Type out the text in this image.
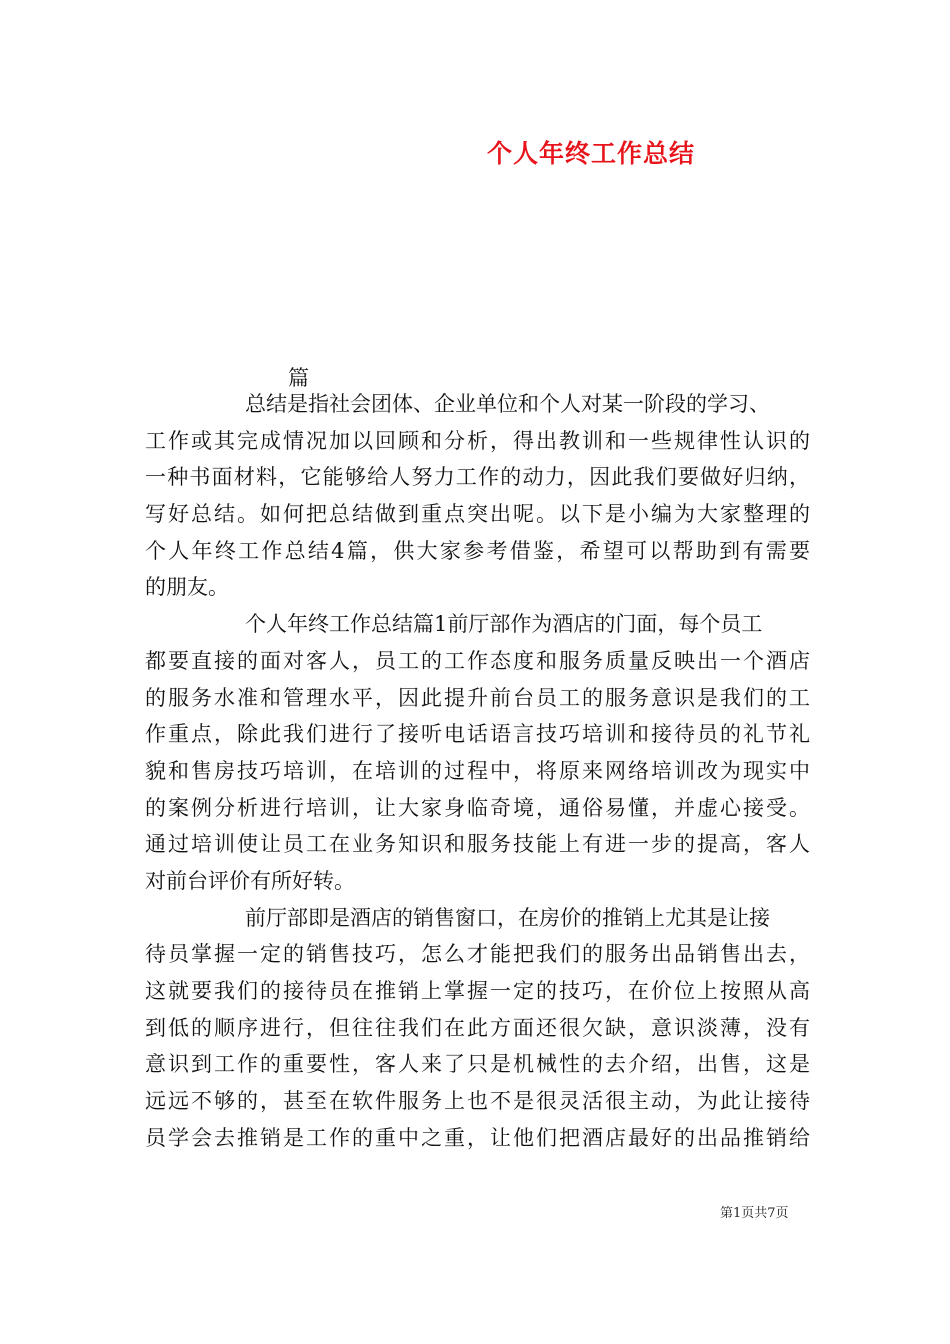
个人年终工作总结
篇
总结是指社会团体、企业单位和个人对某一阶段的学习、
工作或其完成情况加以回顾和分析，得出教训和一些规律性认识的
一种书面材料，它能够给人努力工作的动力，因此我们要做好归纳，
写好总结。如何把总结做到重点突出呢。以下是小编为大家整理的
个人年终工作总结4篇，供大家参考借鉴，希望可以帮助到有需要
的朋友。
个人年终工作总结篇1前厅部作为酒店的门面，每个员工
都要直接的面对客人，员工的工作态度和服务质量反映出一个酒店
的服务水准和管理水平，因此提升前台员工的服务意识是我们的工
作重点，除此我们进行了接听电话语言技巧培训和接待员的礼节礼
貌和售房技巧培训，在培训的过程中，将原来网络培训改为现实中
的案例分析进行培训，让大家身临奇境，通俗易懂，并虚心接受。
通过培训使让员工在业务知识和服务技能上有进一步的提高，客人
对前台评价有所好转。
前厅部即是酒店的销售窗口，在房价的推销上尤其是让接
待员掌握一定的销售技巧，怎么才能把我们的服务出品销售出去，
这就要我们的接待员在推销上掌握一定的技巧，在价位上按照从高
到低的顺序进行，但往往我们在此方面还很欠缺，意识淡薄，没有
意识到工作的重要性，客人来了只是机械性的去介绍，出售，这是
远远不够的，甚至在软件服务上也不是很灵活很主动，为此让接待
员学会去推销是工作的重中之重，让他们把酒店最好的出品推销给
第1页共7页
